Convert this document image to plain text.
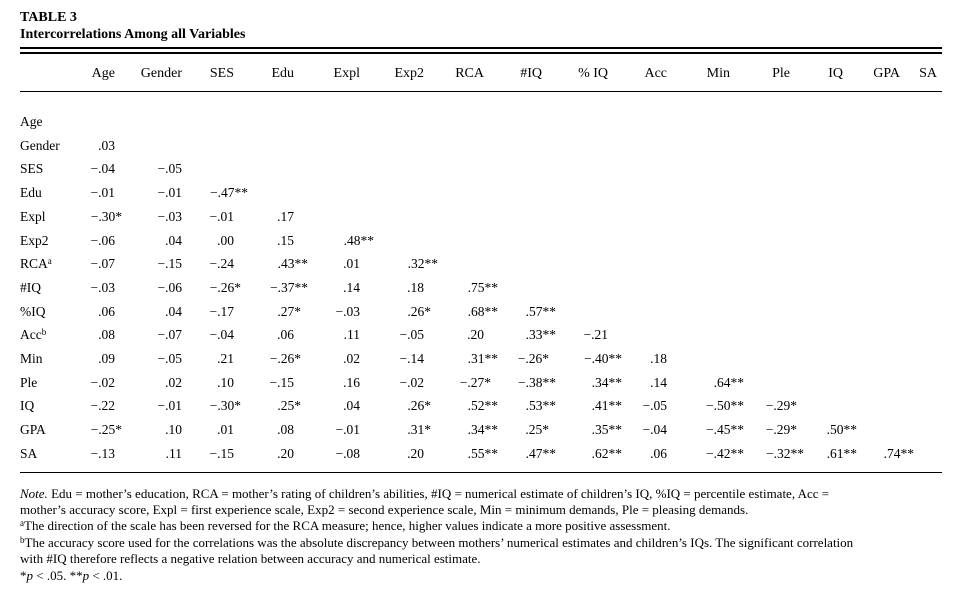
TABLE 3
Intercorrelations Among all Variables
Age Gender SES	Edu	Expl Exp2 RCA	#IQ	% IQ	Acc	Min	Ple	IQ GPA SA
Age
Gender	.03
SES	−.04	−.05
Edu	−.01	−.01 −.47**
Expl	−.30*	−.03 −.01	.17
Exp2	−.06	.04	.00	.15	.48**
$RCA^a$	−.07	−.15 −.24	.43**	.01	.32**
#IQ	−.03	−.06 −.26* −.37**	.14	.18	.75**
%IQ	.06	.04 −.17	.27*	−.03	.26*	.68** .57**
Acc$^b$	.08	−.07 −.04	.06	.11	−.05	.20	.33** −.21
Min	.09	−.05	.21	−.26*	.02	−.14	.31** −.26*	−.40** .18
Ple	−.02	.02	.10	−.15	.16	−.02	−.27* −.38**	.34** .14	.64**
IQ	−.22	−.01 −.30*	.25*	.04	.26*	.52** .53**	.41** −.05	−.50** −.29*
GPA	−.25*	.10	.01	.08	−.01	.31*	.34** .25*	.35** −.04	−.45** −.29* .50**
SA	−.13	.11 −.15	.20	−.08	.20	.55** .47**	.62** .06	−.42** −.32** .61** .74**
Note. Edu = mother’s education, RCA = mother’s rating of children’s abilities, #IQ = numerical estimate of children’s IQ, %IQ = percentile estimate, Acc =
mother’s accuracy score, Expl = first experience scale, Exp2 = second experience scale, Min = minimum demands, Ple = pleasing demands.
$^a$The direction of the scale has been reversed for the RCA measure; hence, higher values indicate a more positive assessment.
$^b$The accuracy score used for the correlations was the absolute discrepancy between mothers’ numerical estimates and children’s IQs. The significant correlation
with #IQ therefore reflects a negative relation between accuracy and numerical estimate.
*p < .05. **p < .01.
